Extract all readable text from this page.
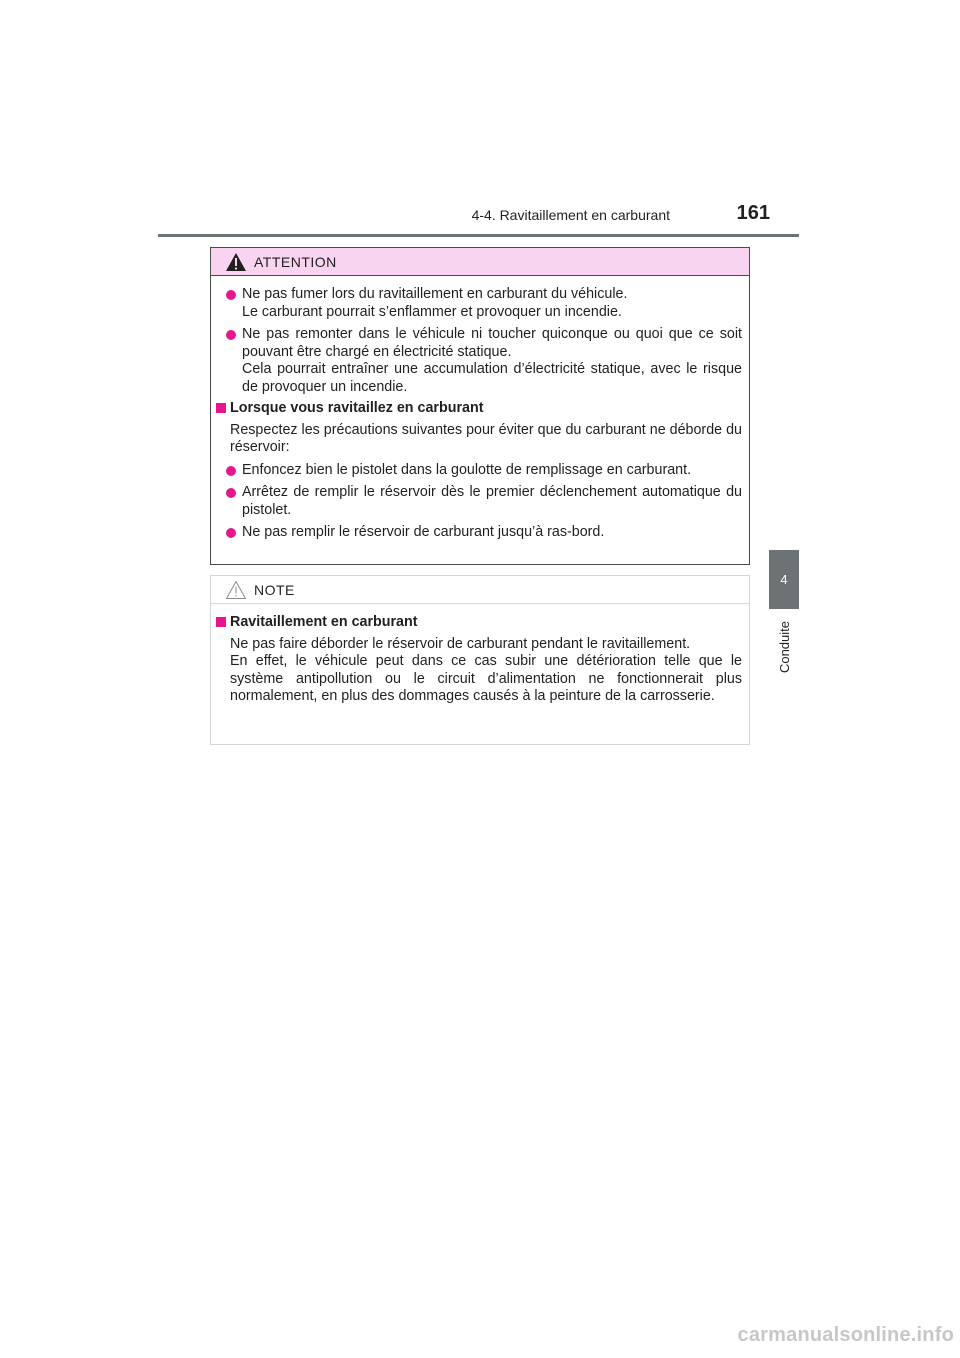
4-4. Ravitaillement en carburant	161
4
Conduite
ATTENTION
Ne pas fumer lors du ravitaillement en carburant du véhicule.
Le carburant pourrait s’enflammer et provoquer un incendie.
Ne pas remonter dans le véhicule ni toucher quiconque ou quoi que ce soit pouvant être chargé en électricité statique.
Cela pourrait entraîner une accumulation d’électricité statique, avec le risque de provoquer un incendie.
Lorsque vous ravitaillez en carburant
Respectez les précautions suivantes pour éviter que du carburant ne déborde du réservoir:
Enfoncez bien le pistolet dans la goulotte de remplissage en carburant.
Arrêtez de remplir le réservoir dès le premier déclenchement automatique du pistolet.
Ne pas remplir le réservoir de carburant jusqu’à ras-bord.
NOTE
Ravitaillement en carburant
Ne pas faire déborder le réservoir de carburant pendant le ravitaillement.
En effet, le véhicule peut dans ce cas subir une détérioration telle que le système antipollution ou le circuit d’alimentation ne fonctionnerait plus normalement, en plus des dommages causés à la peinture de la carrosserie.
carmanualsonline.info
